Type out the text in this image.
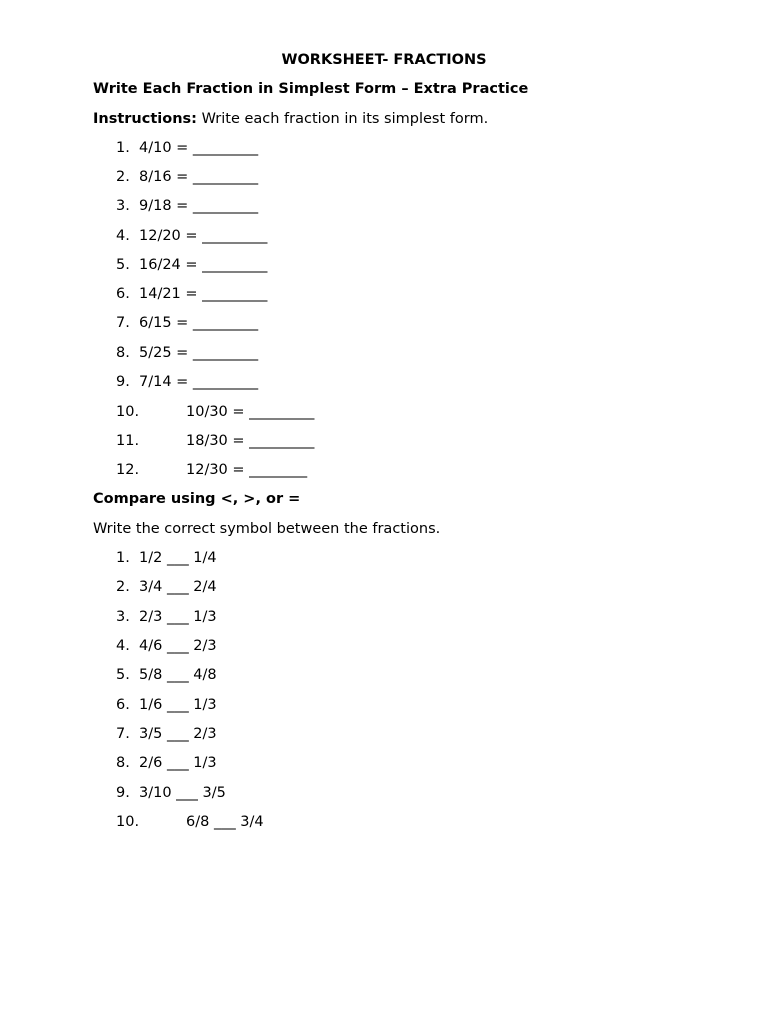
WORKSHEET- FRACTIONS
Write Each Fraction in Simplest Form – Extra Practice
Instructions: Write each fraction in its simplest form.
1. 4/10 = _________
2. 8/16 = _________
3. 9/18 = _________
4. 12/20 = _________
5. 16/24 = _________
6. 14/21 = _________
7. 6/15 = _________
8. 5/25 = _________
9. 7/14 = _________
10.	10/30 = _________
11.	18/30 = _________
12.	12/30 = ________
Compare using <, >, or =
Write the correct symbol between the fractions.
1. 1/2 ___ 1/4
2. 3/4 ___ 2/4
3. 2/3 ___ 1/3
4. 4/6 ___ 2/3
5. 5/8 ___ 4/8
6. 1/6 ___ 1/3
7. 3/5 ___ 2/3
8. 2/6 ___ 1/3
9. 3/10 ___ 3/5
10.	6/8 ___ 3/4
